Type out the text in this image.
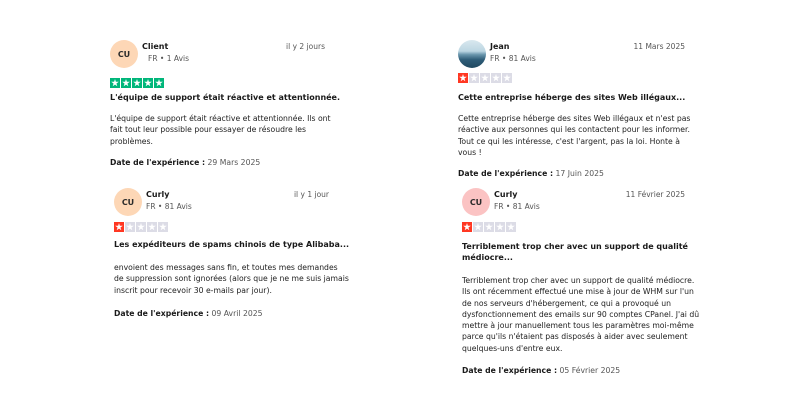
CU
Client
FR • 1 Avis
il y 2 jours
L'équipe de support était réactive et attentionnée.
L'équipe de support était réactive et attentionnée. Ils ont fait tout leur possible pour essayer de résoudre les problèmes.
Date de l'expérience : 29 Mars 2025
Jean
FR • 81 Avis
11 Mars 2025
Cette entreprise héberge des sites Web illégaux...
Cette entreprise héberge des sites Web illégaux et n'est pas réactive aux personnes qui les contactent pour les informer. Tout ce qui les intéresse, c'est l'argent, pas la loi. Honte à vous !
Date de l'expérience : 17 Juin 2025
CU
Curly
FR • 81 Avis
il y 1 jour
Les expéditeurs de spams chinois de type Alibaba...
envoient des messages sans fin, et toutes mes demandes de suppression sont ignorées (alors que je ne me suis jamais inscrit pour recevoir 30 e-mails par jour).
Date de l'expérience : 09 Avril 2025
CU
Curly
FR • 81 Avis
11 Février 2025
Terriblement trop cher avec un support de qualité médiocre...
Terriblement trop cher avec un support de qualité médiocre. Ils ont récemment effectué une mise à jour de WHM sur l'un de nos serveurs d'hébergement, ce qui a provoqué un dysfonctionnement des emails sur 90 comptes CPanel. J'ai dû mettre à jour manuellement tous les paramètres moi-même parce qu'ils n'étaient pas disposés à aider avec seulement quelques-uns d'entre eux.
Date de l'expérience : 05 Février 2025
